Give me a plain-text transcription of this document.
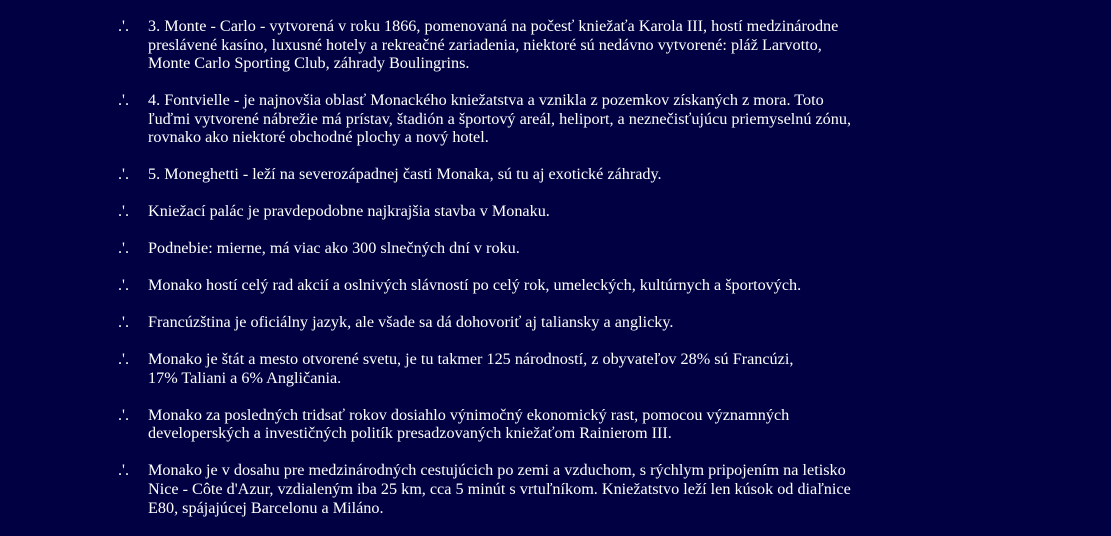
.'.	3. Monte - Carlo - vytvorená v roku 1866, pomenovaná na počesť kniežaťa Karola III, hostí medzinárodne
preslávené kasíno, luxusné hotely a rekreačné zariadenia, niektoré sú nedávno vytvorené: pláž Larvotto,
Monte Carlo Sporting Club, záhrady Boulingrins.
.'.	4. Fontvielle - je najnovšia oblasť Monackého kniežatstva a vznikla z pozemkov získaných z mora. Toto
ľuďmi vytvorené nábrežie má prístav, štadión a športový areál, heliport, a neznečisťujúcu priemyselnú zónu,
rovnako ako niektoré obchodné plochy a nový hotel.
.'.	5. Moneghetti - leží na severozápadnej časti Monaka, sú tu aj exotické záhrady.
.'.	Kniežací palác je pravdepodobne najkrajšia stavba v Monaku.
.'.	Podnebie: mierne, má viac ako 300 slnečných dní v roku.
.'.	Monako hostí celý rad akcií a oslnivých slávností po celý rok, umeleckých, kultúrnych a športových.
.'.	Francúzština je oficiálny jazyk, ale všade sa dá dohovoriť aj taliansky a anglicky.
.'.	Monako je štát a mesto otvorené svetu, je tu takmer 125 národností, z obyvateľov 28% sú Francúzi,
17% Taliani a 6% Angličania.
.'.	Monako za posledných tridsať rokov dosiahlo výnimočný ekonomický rast, pomocou významných
developerských a investičných politík presadzovaných kniežaťom Rainierom III.
.'.	Monako je v dosahu pre medzinárodných cestujúcich po zemi a vzduchom, s rýchlym pripojením na letisko
Nice - Côte d'Azur, vzdialeným iba 25 km, cca 5 minút s vrtuľníkom. Kniežatstvo leží len kúsok od diaľnice
E80, spájajúcej Barcelonu a Miláno.
